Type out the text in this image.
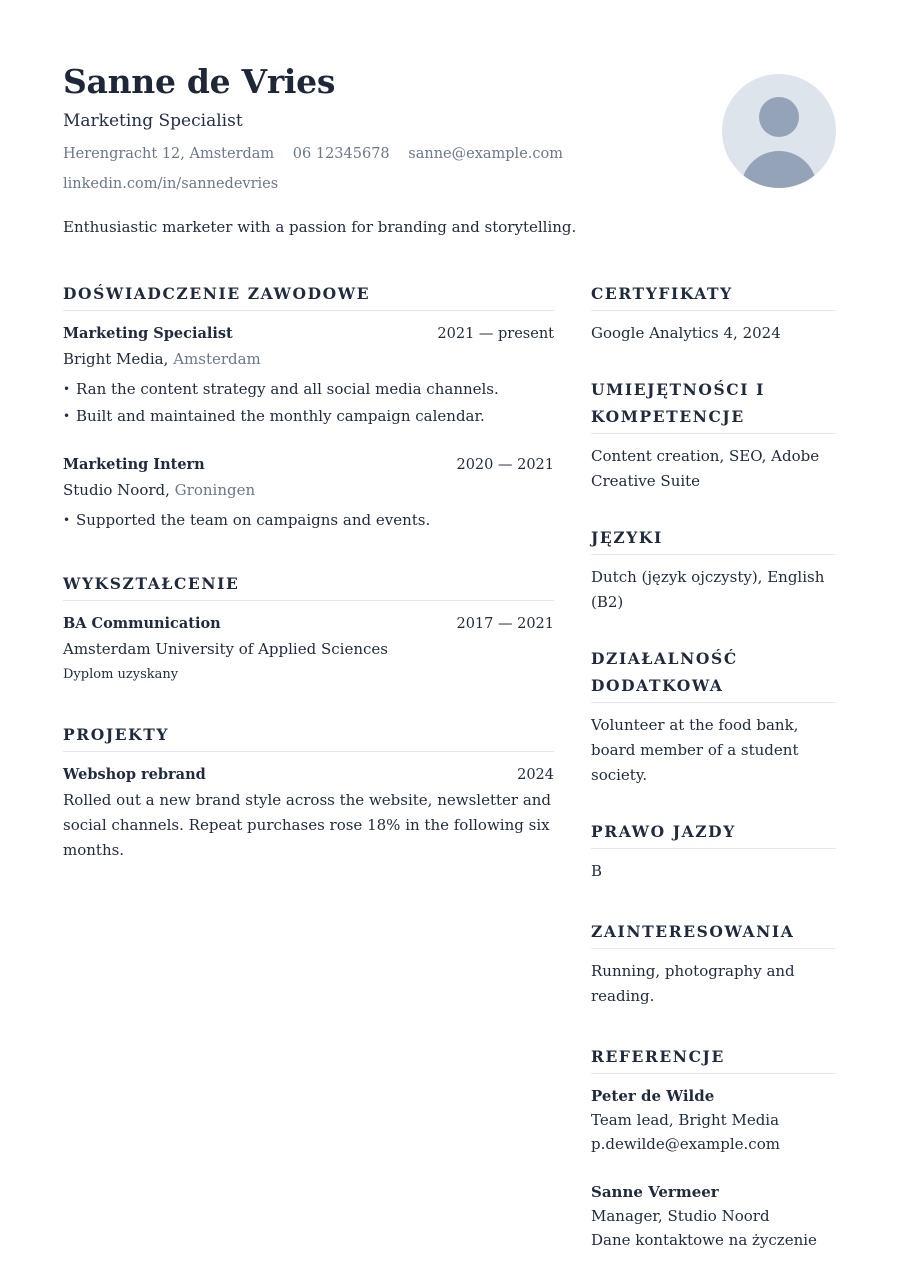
Sanne de Vries
Marketing Specialist
Herengracht 12, Amsterdam 06 12345678 sanne@example.com
linkedin.com/in/sannedevries
Enthusiastic marketer with a passion for branding and storytelling.
DOŚWIADCZENIE ZAWODOWE
Marketing Specialist	2021 — present
Bright Media, Amsterdam
• Ran the content strategy and all social media channels.
• Built and maintained the monthly campaign calendar.
Marketing Intern	2020 — 2021
Studio Noord, Groningen
• Supported the team on campaigns and events.
WYKSZTAŁCENIE
BA Communication	2017 — 2021
Amsterdam University of Applied Sciences
Dyplom uzyskany
PROJEKTY
Webshop rebrand	2024
Rolled out a new brand style across the website, newsletter and social channels. Repeat purchases rose 18% in the following six months.
CERTYFIKATY
Google Analytics 4, 2024
UMIEJĘTNOŚCI I KOMPETENCJE
Content creation, SEO, Adobe Creative Suite
JĘZYKI
Dutch (język ojczysty), English (B2)
DZIAŁALNOŚĆ DODATKOWA
Volunteer at the food bank, board member of a student society.
PRAWO JAZDY
B
ZAINTERESOWANIA
Running, photography and reading.
REFERENCJE
Peter de Wilde
Team lead, Bright Media
p.dewilde@example.com
Sanne Vermeer
Manager, Studio Noord
Dane kontaktowe na życzenie
